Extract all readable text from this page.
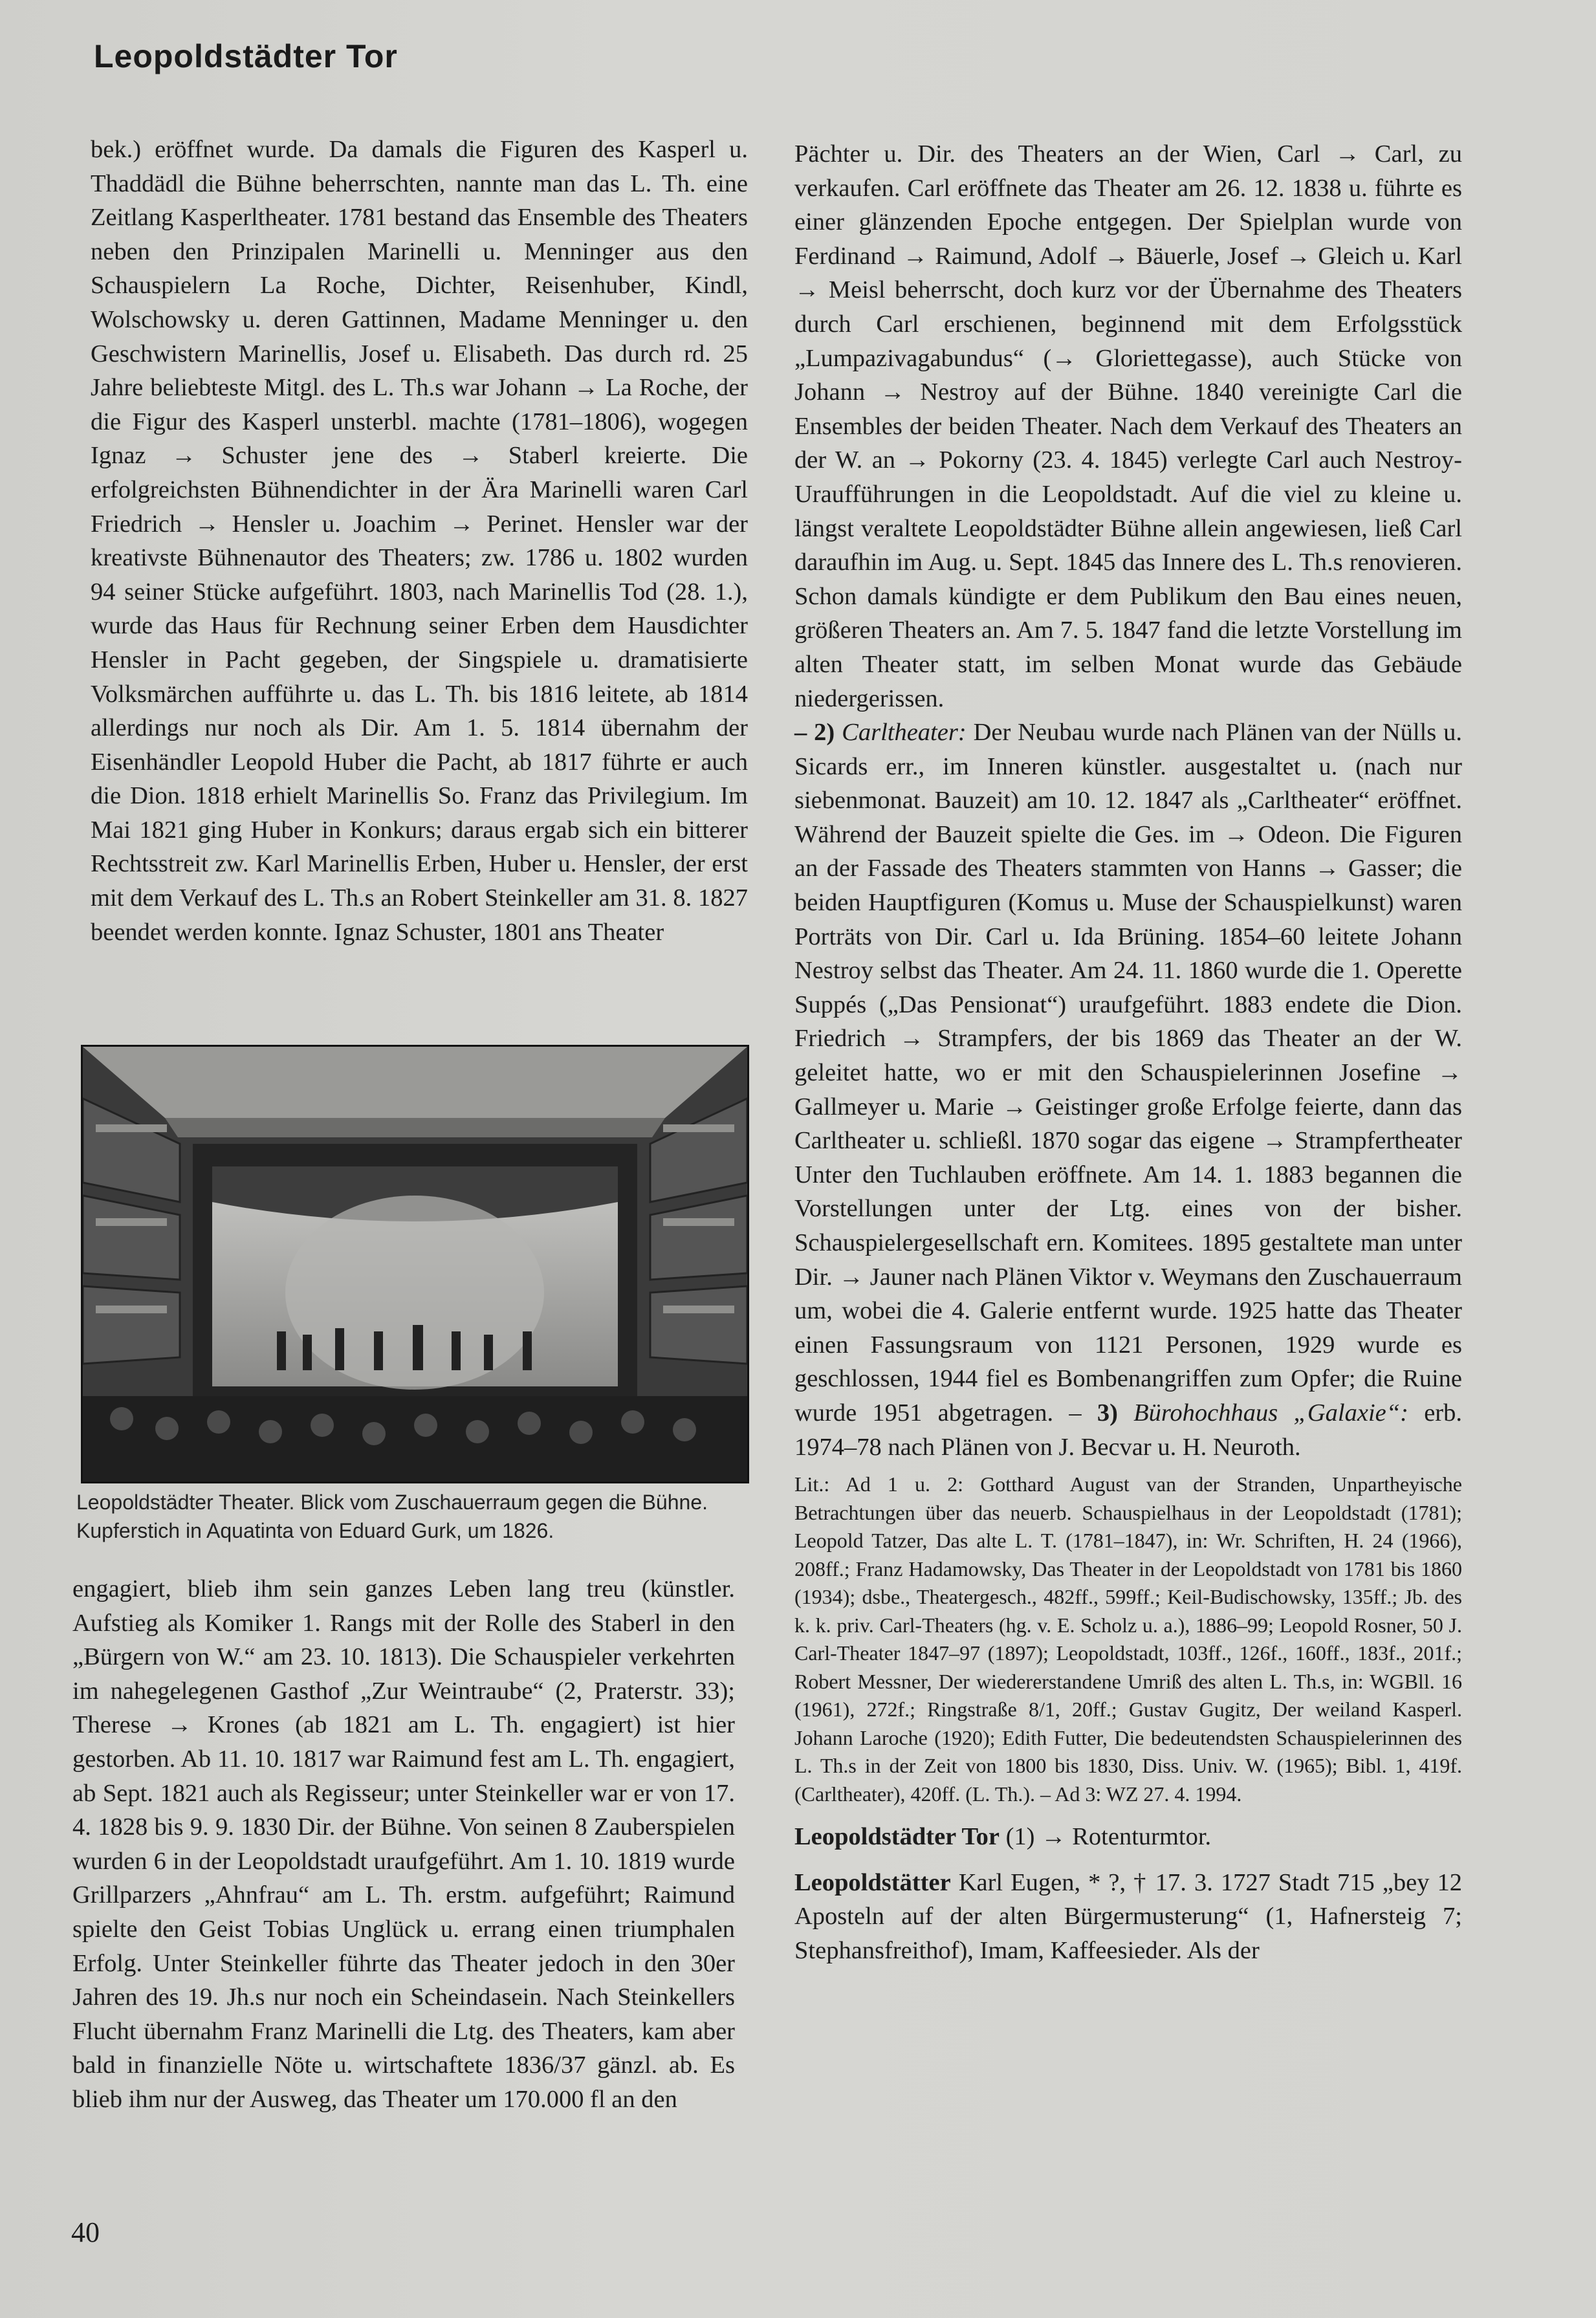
Leopoldstädter Tor

bek.) eröffnet wurde. Da damals die Figuren des Kasperl u. Thaddädl die Bühne beherrschten, nannte man das L. Th. eine Zeitlang Kasperltheater. 1781 bestand das Ensemble des Theaters neben den Prinzipalen Marinelli u. Menninger aus den Schauspielern La Roche, Dichter, Reisenhuber, Kindl, Wolschowsky u. deren Gattinnen, Madame Menninger u. den Geschwistern Marinellis, Josef u. Elisabeth. Das durch rd. 25 Jahre beliebteste Mitgl. des L. Th.s war Johann → La Roche, der die Figur des Kasperl unsterbl. machte (1781–1806), wogegen Ignaz → Schuster jene des → Staberl kreierte. Die erfolgreichsten Bühnendichter in der Ära Marinelli waren Carl Friedrich → Hensler u. Joachim → Perinet. Hensler war der kreativste Bühnenautor des Theaters; zw. 1786 u. 1802 wurden 94 seiner Stücke aufgeführt. 1803, nach Marinellis Tod (28. 1.), wurde das Haus für Rechnung seiner Erben dem Hausdichter Hensler in Pacht gegeben, der Singspiele u. dramatisierte Volksmärchen aufführte u. das L. Th. bis 1816 leitete, ab 1814 allerdings nur noch als Dir. Am 1. 5. 1814 übernahm der Eisenhändler Leopold Huber die Pacht, ab 1817 führte er auch die Dion. 1818 erhielt Marinellis So. Franz das Privilegium. Im Mai 1821 ging Huber in Konkurs; daraus ergab sich ein bitterer Rechtsstreit zw. Karl Marinellis Erben, Huber u. Hensler, der erst mit dem Verkauf des L. Th.s an Robert Steinkeller am 31. 8. 1827 beendet werden konnte. Ignaz Schuster, 1801 ans Theater

Leopoldstädter Theater. Blick vom Zuschauerraum gegen die Bühne. Kupferstich in Aquatinta von Eduard Gurk, um 1826.

engagiert, blieb ihm sein ganzes Leben lang treu (künstler. Aufstieg als Komiker 1. Rangs mit der Rolle des Staberl in den „Bürgern von W.“ am 23. 10. 1813). Die Schauspieler verkehrten im nahegelegenen Gasthof „Zur Weintraube“ (2, Praterstr. 33); Therese → Krones (ab 1821 am L. Th. engagiert) ist hier gestorben. Ab 11. 10. 1817 war Raimund fest am L. Th. engagiert, ab Sept. 1821 auch als Regisseur; unter Steinkeller war er von 17. 4. 1828 bis 9. 9. 1830 Dir. der Bühne. Von seinen 8 Zauberspielen wurden 6 in der Leopoldstadt uraufgeführt. Am 1. 10. 1819 wurde Grillparzers „Ahnfrau“ am L. Th. erstm. aufgeführt; Raimund spielte den Geist Tobias Unglück u. errang einen triumphalen Erfolg. Unter Steinkeller führte das Theater jedoch in den 30er Jahren des 19. Jh.s nur noch ein Scheindasein. Nach Steinkellers Flucht übernahm Franz Marinelli die Ltg. des Theaters, kam aber bald in finanzielle Nöte u. wirtschaftete 1836/37 gänzl. ab. Es blieb ihm nur der Ausweg, das Theater um 170.000 fl an den

Pächter u. Dir. des Theaters an der Wien, Carl → Carl, zu verkaufen. Carl eröffnete das Theater am 26. 12. 1838 u. führte es einer glänzenden Epoche entgegen. Der Spielplan wurde von Ferdinand → Raimund, Adolf → Bäuerle, Josef → Gleich u. Karl → Meisl beherrscht, doch kurz vor der Übernahme des Theaters durch Carl erschienen, beginnend mit dem Erfolgsstück „Lumpazivagabundus“ (→ Gloriettegasse), auch Stücke von Johann → Nestroy auf der Bühne. 1840 vereinigte Carl die Ensembles der beiden Theater. Nach dem Verkauf des Theaters an der W. an → Pokorny (23. 4. 1845) verlegte Carl auch Nestroy-Uraufführungen in die Leopoldstadt. Auf die viel zu kleine u. längst veraltete Leopoldstädter Bühne allein angewiesen, ließ Carl daraufhin im Aug. u. Sept. 1845 das Innere des L. Th.s renovieren. Schon damals kündigte er dem Publikum den Bau eines neuen, größeren Theaters an. Am 7. 5. 1847 fand die letzte Vorstellung im alten Theater statt, im selben Monat wurde das Gebäude niedergerissen.

– 2) Carltheater: Der Neubau wurde nach Plänen van der Nülls u. Sicards err., im Inneren künstler. ausgestaltet u. (nach nur siebenmonat. Bauzeit) am 10. 12. 1847 als „Carltheater“ eröffnet. Während der Bauzeit spielte die Ges. im → Odeon. Die Figuren an der Fassade des Theaters stammten von Hanns → Gasser; die beiden Hauptfiguren (Komus u. Muse der Schauspielkunst) waren Porträts von Dir. Carl u. Ida Brüning. 1854–60 leitete Johann Nestroy selbst das Theater. Am 24. 11. 1860 wurde die 1. Operette Suppés („Das Pensionat“) uraufgeführt. 1883 endete die Dion. Friedrich → Strampfers, der bis 1869 das Theater an der W. geleitet hatte, wo er mit den Schauspielerinnen Josefine → Gallmeyer u. Marie → Geistinger große Erfolge feierte, dann das Carltheater u. schließl. 1870 sogar das eigene → Strampfertheater Unter den Tuchlauben eröffnete. Am 14. 1. 1883 begannen die Vorstellungen unter der Ltg. eines von der bisher. Schauspielergesellschaft ern. Komitees. 1895 gestaltete man unter Dir. → Jauner nach Plänen Viktor v. Weymans den Zuschauerraum um, wobei die 4. Galerie entfernt wurde. 1925 hatte das Theater einen Fassungsraum von 1121 Personen, 1929 wurde es geschlossen, 1944 fiel es Bombenangriffen zum Opfer; die Ruine wurde 1951 abgetragen. – 3) Bürohochhaus „Galaxie“: erb. 1974–78 nach Plänen von J. Becvar u. H. Neuroth.

Lit.: Ad 1 u. 2: Gotthard August van der Stranden, Unpartheyische Betrachtungen über das neuerb. Schauspielhaus in der Leopoldstadt (1781); Leopold Tatzer, Das alte L. T. (1781–1847), in: Wr. Schriften, H. 24 (1966), 208ff.; Franz Hadamowsky, Das Theater in der Leopoldstadt von 1781 bis 1860 (1934); dsbe., Theatergesch., 482ff., 599ff.; Keil-Budischowsky, 135ff.; Jb. des k. k. priv. Carl-Theaters (hg. v. E. Scholz u. a.), 1886–99; Leopold Rosner, 50 J. Carl-Theater 1847–97 (1897); Leopoldstadt, 103ff., 126f., 160ff., 183f., 201f.; Robert Messner, Der wiedererstandene Umriß des alten L. Th.s, in: WGBll. 16 (1961), 272f.; Ringstraße 8/1, 20ff.; Gustav Gugitz, Der weiland Kasperl. Johann Laroche (1920); Edith Futter, Die bedeutendsten Schauspielerinnen des L. Th.s in der Zeit von 1800 bis 1830, Diss. Univ. W. (1965); Bibl. 1, 419f. (Carltheater), 420ff. (L. Th.). – Ad 3: WZ 27. 4. 1994.

Leopoldstädter Tor (1) → Rotenturmtor.

Leopoldstätter Karl Eugen, * ?, † 17. 3. 1727 Stadt 715 „bey 12 Aposteln auf der alten Bürgermusterung“ (1, Hafnersteig 7; Stephansfreithof), Imam, Kaffeesieder. Als der

40
